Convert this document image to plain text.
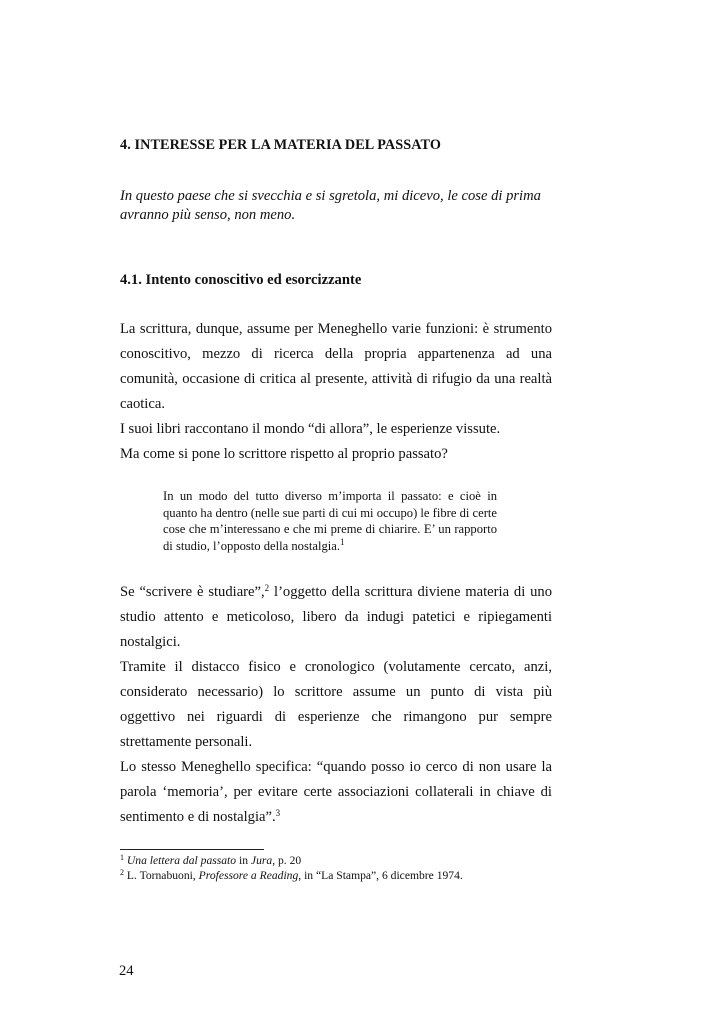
4. INTERESSE PER LA MATERIA DEL PASSATO
In questo paese che si svecchia e si sgretola, mi dicevo, le cose di prima avranno più senso, non meno.
4.1. Intento conoscitivo ed esorcizzante

La scrittura, dunque, assume per Meneghello varie funzioni: è strumento conoscitivo, mezzo di ricerca della propria appartenenza ad una comunità, occasione di critica al presente, attività di rifugio da una realtà caotica.

I suoi libri raccontano il mondo “di allora”, le esperienze vissute.

Ma come si pone lo scrittore rispetto al proprio passato?

In un modo del tutto diverso m’importa il passato: e cioè in quanto ha dentro (nelle sue parti di cui mi occupo) le fibre di certe cose che m’interessano e che mi preme di chiarire. E’ un rapporto di studio, l’opposto della nostalgia.$^1$

Se “scrivere è studiare”,$^2$ l’oggetto della scrittura diviene materia di uno studio attento e meticoloso, libero da indugi patetici e ripiegamenti nostalgici.

Tramite il distacco fisico e cronologico (volutamente cercato, anzi, considerato necessario) lo scrittore assume un punto di vista più oggettivo nei riguardi di esperienze che rimangono pur sempre strettamente personali.

Lo stesso Meneghello specifica: “quando posso io cerco di non usare la parola ‘memoria’, per evitare certe associazioni collaterali in chiave di sentimento e di nostalgia”.$^3$

$^1$ Una lettera dal passato in Jura, p. 20

$^2$ L. Tornabuoni, Professore a Reading, in “La Stampa”, 6 dicembre 1974.

24
